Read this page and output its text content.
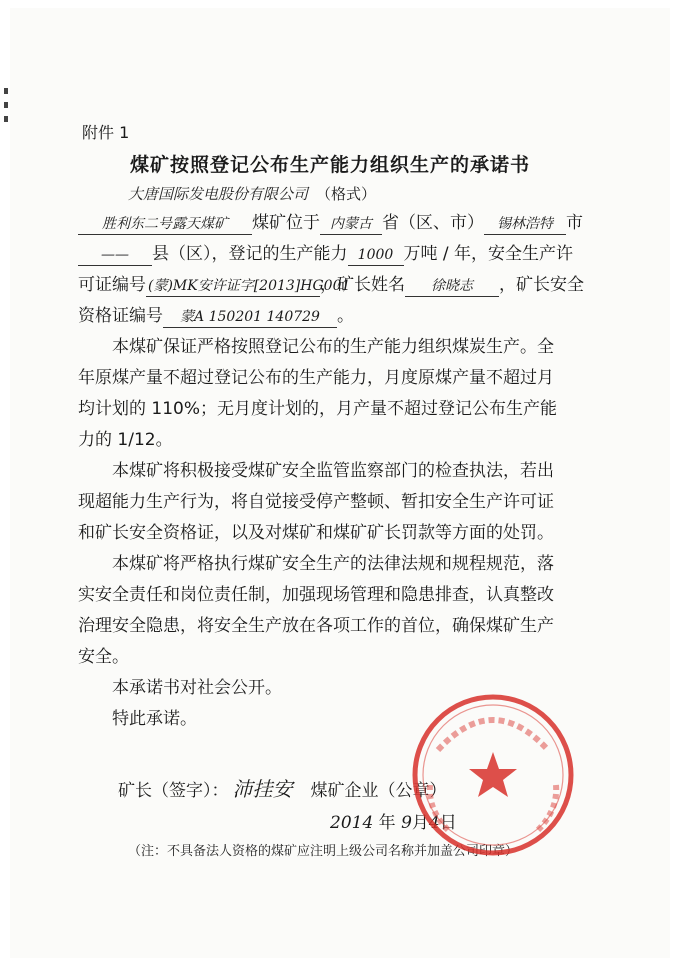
附件 1
煤矿按照登记公布生产能力组织生产的承诺书
大唐国际发电股份有限公司 （格式）
胜利东二号露天煤矿 煤矿位于 内蒙古 省（区、市） 锡林浩特 市
—— 县（区），登记的生产能力 1000 万吨 / 年，安全生产许
可证编号 (蒙)MK安许证字[2013]HG001，矿长姓名 徐晓志 ，矿长安全
资格证编号 蒙A 150201 140729 。
本煤矿保证严格按照登记公布的生产能力组织煤炭生产。全
年原煤产量不超过登记公布的生产能力，月度原煤产量不超过月
均计划的 110%；无月度计划的，月产量不超过登记公布生产能
力的 1/12。
本煤矿将积极接受煤矿安全监管监察部门的检查执法，若出
现超能力生产行为，将自觉接受停产整顿、暂扣安全生产许可证
和矿长安全资格证，以及对煤矿和煤矿矿长罚款等方面的处罚。
本煤矿将严格执行煤矿安全生产的法律法规和规程规范，落
实安全责任和岗位责任制，加强现场管理和隐患排查，认真整改
治理安全隐患，将安全生产放在各项工作的首位，确保煤矿生产
安全。
本承诺书对社会公开。
特此承诺。
矿长（签字）： 沛挂安 煤矿企业（公章）
2014 年 9月4日
（注：不具备法人资格的煤矿应注明上级公司名称并加盖公司印章）
